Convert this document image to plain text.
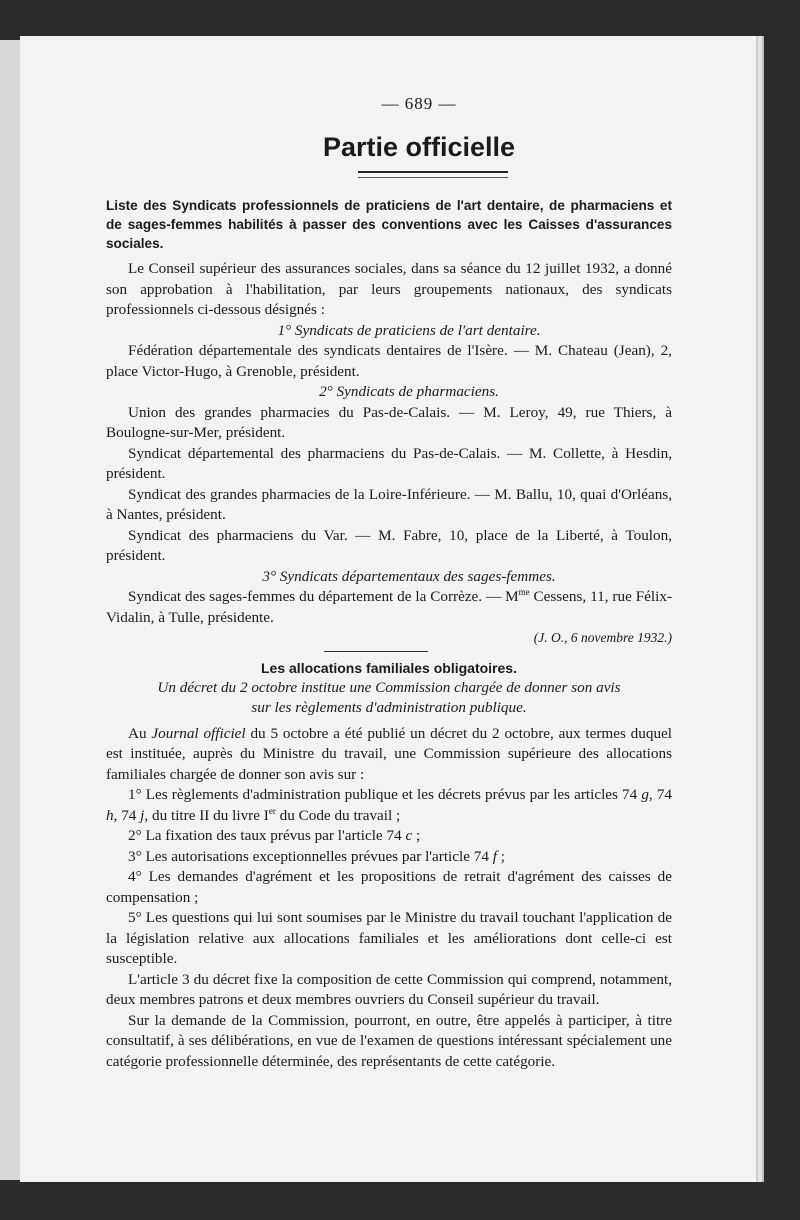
— 689 —
Partie officielle
Liste des Syndicats professionnels de praticiens de l'art dentaire, de pharmaciens et de sages-femmes habilités à passer des conventions avec les Caisses d'assurances sociales.

Le Conseil supérieur des assurances sociales, dans sa séance du 12 juillet 1932, a donné son approbation à l'habilitation, par leurs groupements nationaux, des syndicats professionnels ci-dessous désignés :

1° Syndicats de praticiens de l'art dentaire.

Fédération départementale des syndicats dentaires de l'Isère. — M. Chateau (Jean), 2, place Victor-Hugo, à Grenoble, président.

2° Syndicats de pharmaciens.

Union des grandes pharmacies du Pas-de-Calais. — M. Leroy, 49, rue Thiers, à Boulogne-sur-Mer, président.

Syndicat départemental des pharmaciens du Pas-de-Calais. — M. Collette, à Hesdin, président.

Syndicat des grandes pharmacies de la Loire-Inférieure. — M. Ballu, 10, quai d'Orléans, à Nantes, président.

Syndicat des pharmaciens du Var. — M. Fabre, 10, place de la Liberté, à Toulon, président.

3° Syndicats départementaux des sages-femmes.

Syndicat des sages-femmes du département de la Corrèze. — $M^{me}$ Cessens, 11, rue Félix-Vidalin, à Tulle, présidente.

(J. O., 6 novembre 1932.)

Les allocations familiales obligatoires.

Un décret du 2 octobre institue une Commission chargée de donner son avis

sur les règlements d'administration publique.

Au Journal officiel du 5 octobre a été publié un décret du 2 octobre, aux termes duquel est instituée, auprès du Ministre du travail, une Commission supérieure des allocations familiales chargée de donner son avis sur :

1° Les règlements d'administration publique et les décrets prévus par les articles 74 g, 74 h, 74 j, du titre II du livre Ier du Code du travail ;

2° La fixation des taux prévus par l'article 74 c ;

3° Les autorisations exceptionnelles prévues par l'article 74 f ;

4° Les demandes d'agrément et les propositions de retrait d'agrément des caisses de compensation ;

5° Les questions qui lui sont soumises par le Ministre du travail touchant l'application de la législation relative aux allocations familiales et les améliorations dont celle-ci est susceptible.

L'article 3 du décret fixe la composition de cette Commission qui comprend, notamment, deux membres patrons et deux membres ouvriers du Conseil supérieur du travail.

Sur la demande de la Commission, pourront, en outre, être appelés à participer, à titre consultatif, à ses délibérations, en vue de l'examen de questions intéressant spécialement une catégorie professionnelle déterminée, des représentants de cette catégorie.
